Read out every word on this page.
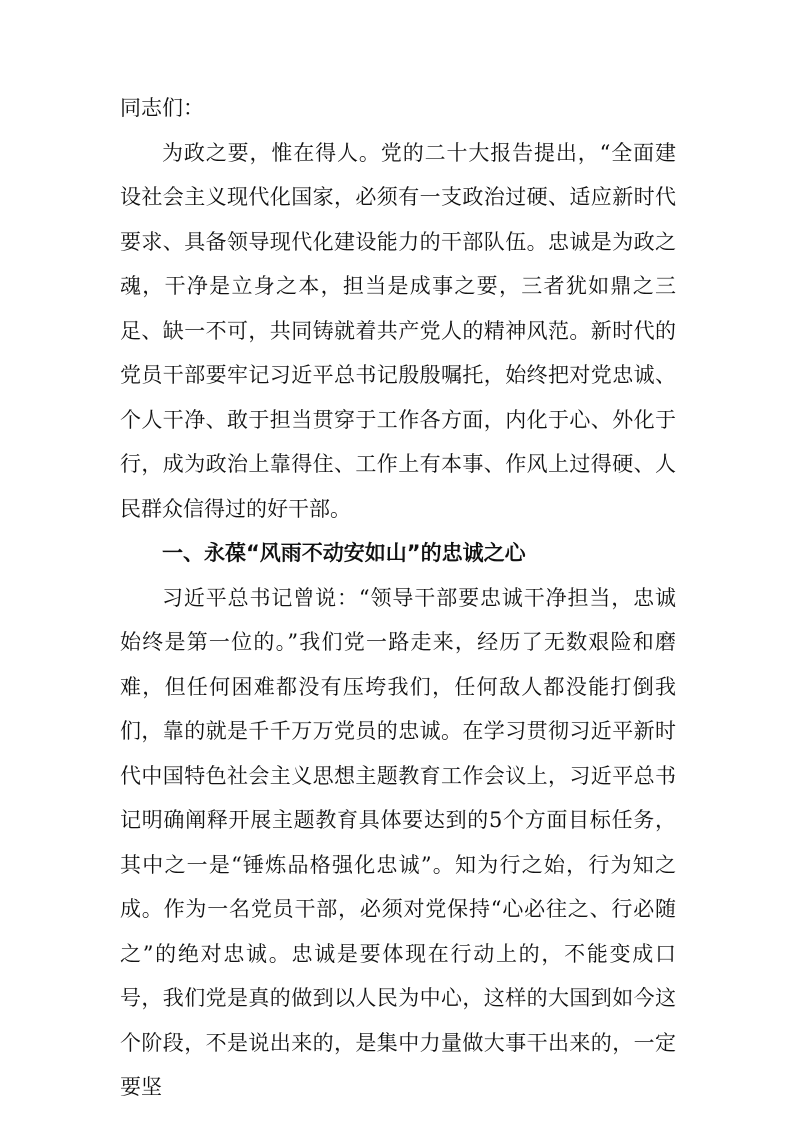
同志们：

为政之要，惟在得人。党的二十大报告提出，“全面建设社会主义现代化国家，必须有一支政治过硬、适应新时代要求、具备领导现代化建设能力的干部队伍。忠诚是为政之魂，干净是立身之本，担当是成事之要，三者犹如鼎之三足、缺一不可，共同铸就着共产党人的精神风范。新时代的党员干部要牢记习近平总书记殷殷嘱托，始终把对党忠诚、个人干净、敢于担当贯穿于工作各方面，内化于心、外化于行，成为政治上靠得住、工作上有本事、作风上过得硬、人民群众信得过的好干部。

一、永葆“风雨不动安如山”的忠诚之心

习近平总书记曾说：“领导干部要忠诚干净担当，忠诚始终是第一位的。”我们党一路走来，经历了无数艰险和磨难，但任何困难都没有压垮我们，任何敌人都没能打倒我们，靠的就是千千万万党员的忠诚。在学习贯彻习近平新时代中国特色社会主义思想主题教育工作会议上，习近平总书记明确阐释开展主题教育具体要达到的5个方面目标任务，其中之一是“锤炼品格强化忠诚”。知为行之始，行为知之成。作为一名党员干部，必须对党保持“心必往之、行必随之”的绝对忠诚。忠诚是要体现在行动上的，不能变成口号，我们党是真的做到以人民为中心，这样的大国到如今这个阶段，不是说出来的，是集中力量做大事干出来的，一定要坚
